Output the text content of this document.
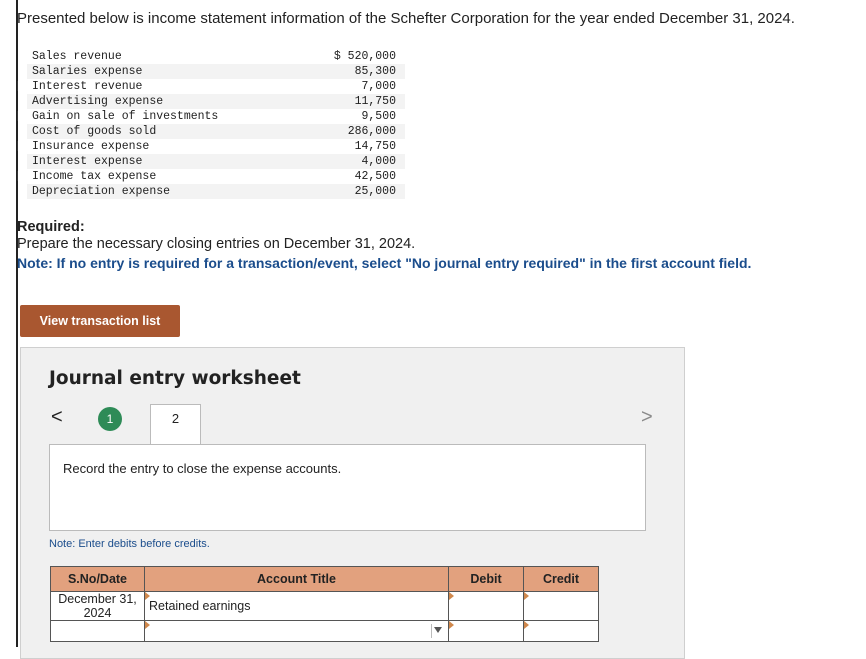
Presented below is income statement information of the Schefter Corporation for the year ended December 31, 2024.
Sales revenue	$ 520,000
Salaries expense	85,300
Interest revenue	7,000
Advertising expense	11,750
Gain on sale of investments	9,500
Cost of goods sold	286,000
Insurance expense	14,750
Interest expense	4,000
Income tax expense	42,500
Depreciation expense	25,000
Required:
Prepare the necessary closing entries on December 31, 2024.
Note: If no entry is required for a transaction/event, select "No journal entry required" in the first account field.
View transaction list
Journal entry worksheet
<	1	2	>
Record the entry to close the expense accounts.
Note: Enter debits before credits.
S.No/Date	Account Title	Debit	Credit
December 31, 2024	Retained earnings	
